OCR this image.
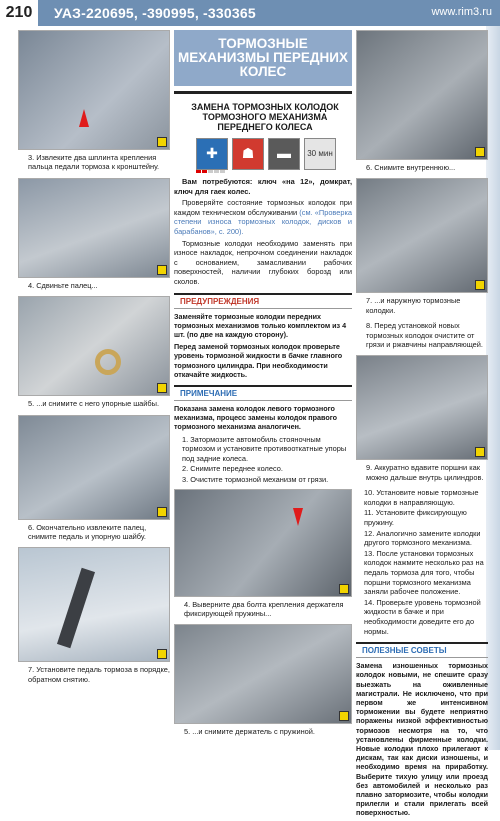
210	УАЗ-220695, -390995, -330365	www.rim3.ru
3. Извлеките два шплинта крепления пальца педали тормоза к кронштейну.
4. Сдвиньте палец...
5. ...и снимите с него упорные шайбы.
6. Окончательно извлеките палец, снимите педаль и упорную шайбу.
7. Установите педаль тормоза в порядке, обратном снятию.
ТОРМОЗНЫЕ МЕХАНИЗМЫ ПЕРЕДНИХ КОЛЕС
ЗАМЕНА ТОРМОЗНЫХ КОЛОДОК ТОРМОЗНОГО МЕХАНИЗМА ПЕРЕДНЕГО КОЛЕСА
✚	☗	▬	30 мин
Вам потребуются: ключ «на 12», домкрат, ключ для гаек колес.
Проверяйте состояние тормозных колодок при каждом техническом обслуживании (см. «Проверка степени износа тормозных колодок, дисков и барабанов», с. 200).
Тормозные колодки необходимо заменять при износе накладок, непрочном соединении накладок с основанием, замасливании рабочих поверхностей, наличии глубоких борозд или сколов.
ПРЕДУПРЕЖДЕНИЯ
Заменяйте тормозные колодки передних тормозных механизмов только комплектом из 4 шт. (по две на каждую сторону).
Перед заменой тормозных колодок проверьте уровень тормозной жидкости в бачке главного тормозного цилиндра. При необходимости откачайте жидкость.
ПРИМЕЧАНИЕ
Показана замена колодок левого тормозного механизма, процесс замены колодок правого тормозного механизма аналогичен.
1. Затормозите автомобиль стояночным тормозом и установите противооткатные упоры под задние колеса.
2. Снимите переднее колесо.
3. Очистите тормозной механизм от грязи.
4. Выверните два болта крепления держателя фиксирующей пружины...
5. ...и снимите держатель с пружиной.
6. Снимите внутреннюю...
7. ...и наружную тормозные колодки.
8. Перед установкой новых тормозных колодок очистите от грязи и ржавчины направляющей.
9. Аккуратно вдавите поршни как можно дальше внутрь цилиндров.
10. Установите новые тормозные колодки в направляющую.
11. Установите фиксирующую пружину.
12. Аналогично замените колодки другого тормозного механизма.
13. После установки тормозных колодок нажмите несколько раз на педаль тормоза для того, чтобы поршни тормозного механизма заняли рабочее положение.
14. Проверьте уровень тормозной жидкости в бачке и при необходимости доведите его до нормы.
ПОЛЕЗНЫЕ СОВЕТЫ
Замена изношенных тормозных колодок новыми, не спешите сразу выезжать на оживленные магистрали. Не исключено, что при первом же интенсивном торможении вы будете неприятно поражены низкой эффективностью тормозов несмотря на то, что установлены фирменные колодки. Новые колодки плохо прилегают к дискам, так как диски изношены, и необходимо время на приработку. Выберите тихую улицу или проезд без автомобилей и несколько раз плавно затормозите, чтобы колодки прилегли и стали прилегать всей поверхностью.
